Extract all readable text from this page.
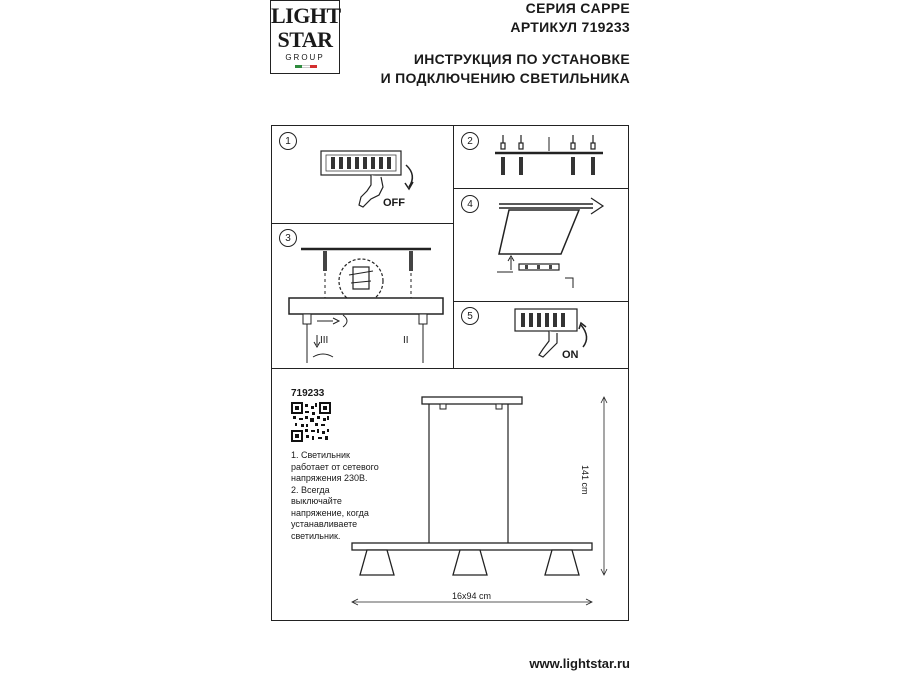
LIGHT
STAR
GROUP
СЕРИЯ CAPPE
АРТИКУЛ 719233
ИНСТРУКЦИЯ ПО УСТАНОВКЕ
И ПОДКЛЮЧЕНИЮ СВЕТИЛЬНИКА
1	2
3
4
5
OFF
III	II
ON
719233
1. Светильник
работает от сетевого
напряжения 230В.
2. Всегда выключайте
напряжение, когда
устанавливаете
светильник.
141 cm
16x94 cm
www.lightstar.ru
